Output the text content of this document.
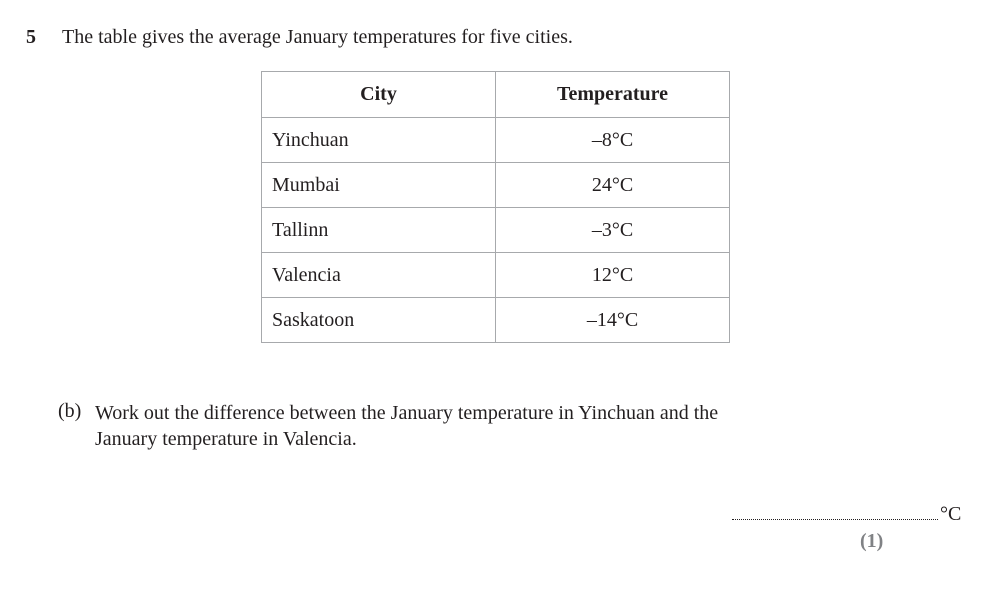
5 The table gives the average January temperatures for five cities.
City	Temperature
Yinchuan	–8°C
Mumbai	24°C
Tallinn	–3°C
Valencia	12°C
Saskatoon	–14°C
(b) Work out the difference between the January temperature in Yinchuan and the
January temperature in Valencia.
°C
(1)
